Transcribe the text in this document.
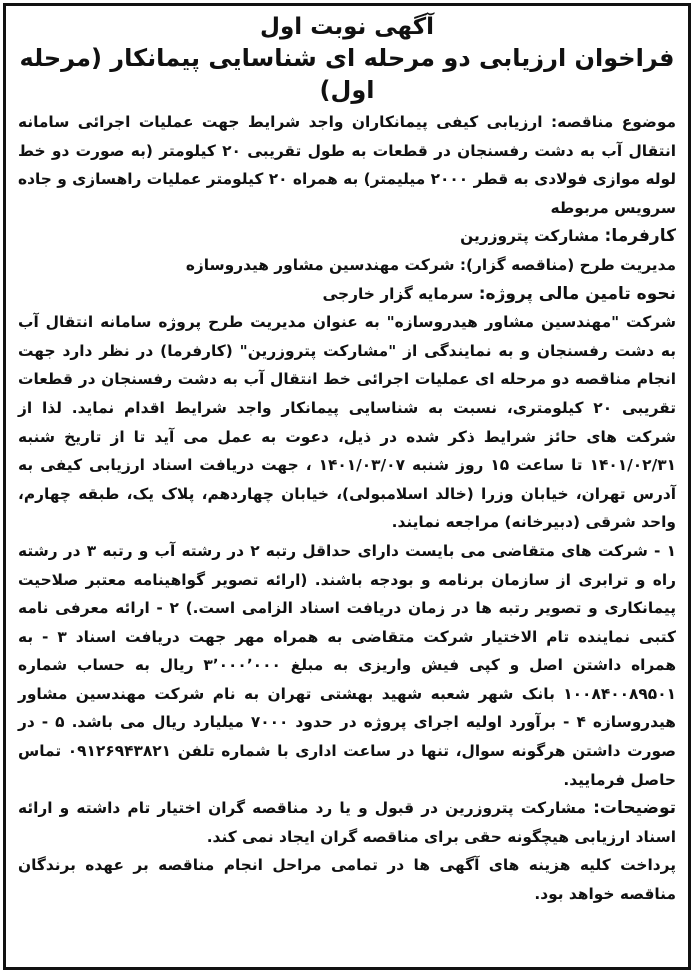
آگهی نوبت اول
فراخوان ارزیابی دو مرحله ای شناسایی پیمانکار (مرحله اول)

موضوع مناقصه: ارزیابی کیفی پیمانکاران واجد شرایط جهت عملیات اجرائی سامانه انتقال آب به دشت رفسنجان در قطعات به طول تقریبی ۲۰ کیلومتر (به صورت دو خط لوله موازی فولادی به قطر ۲۰۰۰ میلیمتر) به همراه ۲۰ کیلومتر عملیات راهسازی و جاده سرویس مربوطه

کارفرما: مشارکت پتروزرین

مدیریت طرح (مناقصه گزار): شرکت مهندسین مشاور هیدروسازه

نحوه تامین مالی پروژه: سرمایه گزار خارجی

شرکت "مهندسین مشاور هیدروسازه" به عنوان مدیریت طرح پروژه سامانه انتقال آب به دشت رفسنجان و به نمایندگی از "مشارکت پتروزرین" (کارفرما) در نظر دارد جهت انجام مناقصه دو مرحله ای عملیات اجرائی خط انتقال آب به دشت رفسنجان در قطعات تقریبی ۲۰ کیلومتری، نسبت به شناسایی پیمانکار واجد شرایط اقدام نماید. لذا از شرکت های حائز شرایط ذکر شده در ذیل، دعوت به عمل می آید تا از تاریخ شنبه ۱۴۰۱/۰۲/۳۱ تا ساعت ۱۵ روز شنبه ۱۴۰۱/۰۳/۰۷ ، جهت دریافت اسناد ارزیابی کیفی به آدرس تهران، خیابان وزرا (خالد اسلامبولی)، خیابان چهاردهم، پلاک یک، طبقه چهارم، واحد شرقی (دبیرخانه) مراجعه نمایند.

۱ - شرکت های متقاضی می بایست دارای حداقل رتبه ۲ در رشته آب و رتبه ۳ در رشته راه و ترابری از سازمان برنامه و بودجه باشند. (ارائه تصویر گواهینامه معتبر صلاحیت پیمانکاری و تصویر رتبه ها در زمان دریافت اسناد الزامی است.) ۲ - ارائه معرفی نامه کتبی نماینده تام الاختیار شرکت متقاضی به همراه مهر جهت دریافت اسناد ۳ - به همراه داشتن اصل و کپی فیش واریزی به مبلغ ۳٬۰۰۰٬۰۰۰ ریال به حساب شماره ۱۰۰۸۴۰۰۸۹۵۰۱ بانک شهر شعبه شهید بهشتی تهران به نام شرکت مهندسین مشاور هیدروسازه ۴ - برآورد اولیه اجرای پروژه در حدود ۷۰۰۰ میلیارد ریال می باشد. ۵ - در صورت داشتن هرگونه سوال، تنها در ساعت اداری با شماره تلفن ۰۹۱۲۶۹۴۳۸۲۱ تماس حاصل فرمایید.

توضیحات: مشارکت پتروزرین در قبول و یا رد مناقصه گران اختیار تام داشته و ارائه اسناد ارزیابی هیچگونه حقی برای مناقصه گران ایجاد نمی کند.

پرداخت کلیه هزینه های آگهی ها در تمامی مراحل انجام مناقصه بر عهده برندگان مناقصه خواهد بود.
